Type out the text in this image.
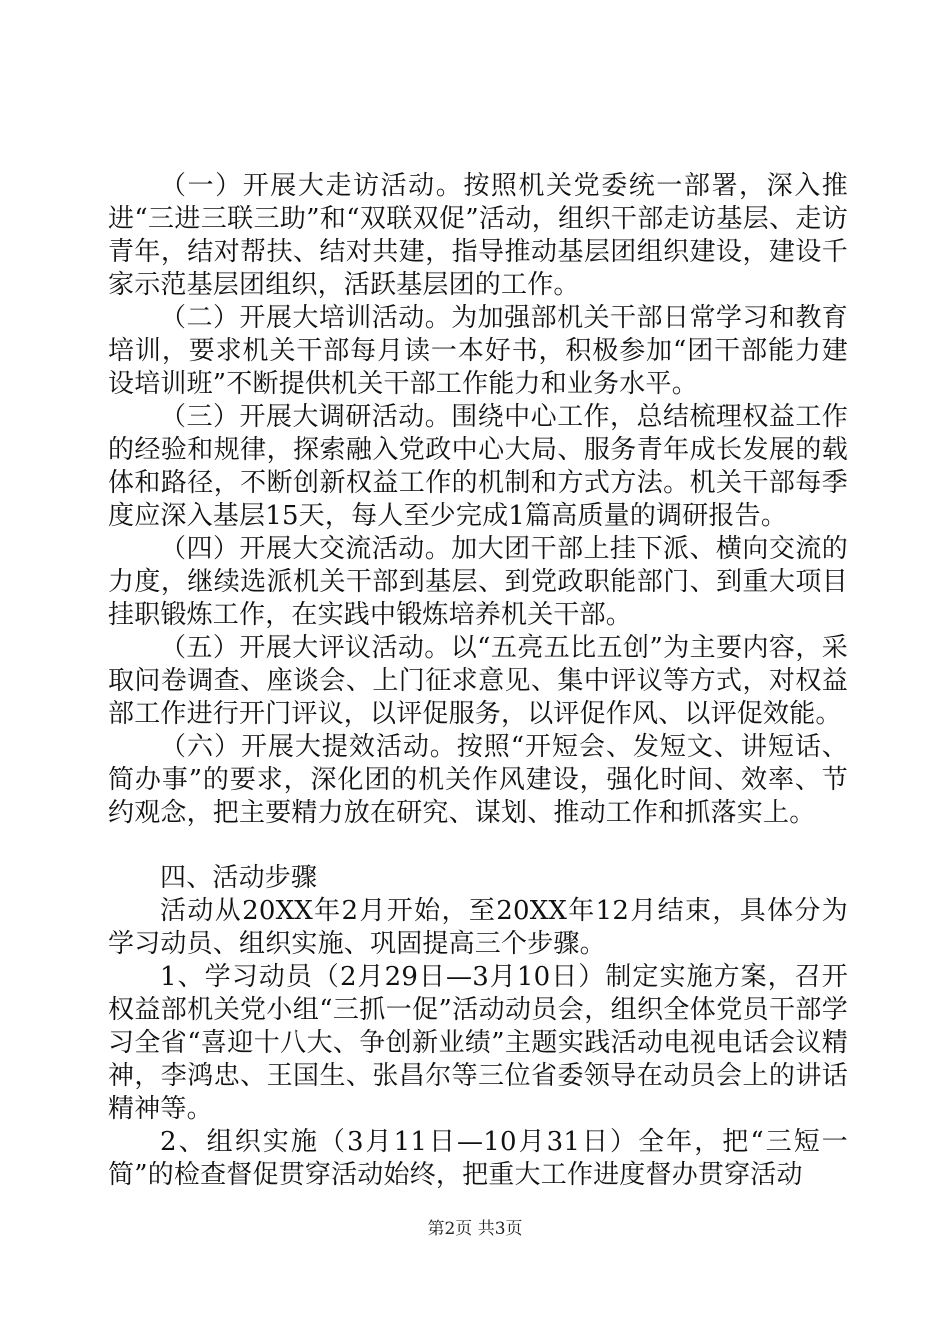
（一）开展大走访活动。按照机关党委统一部署，深入推进“三进三联三助”和“双联双促”活动，组织干部走访基层、走访青年，结对帮扶、结对共建，指导推动基层团组织建设，建设千家示范基层团组织，活跃基层团的工作。

（二）开展大培训活动。为加强部机关干部日常学习和教育培训，要求机关干部每月读一本好书，积极参加“团干部能力建设培训班”不断提供机关干部工作能力和业务水平。

（三）开展大调研活动。围绕中心工作，总结梳理权益工作的经验和规律，探索融入党政中心大局、服务青年成长发展的载体和路径，不断创新权益工作的机制和方式方法。机关干部每季度应深入基层15天，每人至少完成1篇高质量的调研报告。

（四）开展大交流活动。加大团干部上挂下派、横向交流的力度，继续选派机关干部到基层、到党政职能部门、到重大项目挂职锻炼工作，在实践中锻炼培养机关干部。

（五）开展大评议活动。以“五亮五比五创”为主要内容，采取问卷调查、座谈会、上门征求意见、集中评议等方式，对权益部工作进行开门评议，以评促服务，以评促作风、以评促效能。

（六）开展大提效活动。按照“开短会、发短文、讲短话、简办事”的要求，深化团的机关作风建设，强化时间、效率、节约观念，把主要精力放在研究、谋划、推动工作和抓落实上。

四、活动步骤

活动从20XX年2月开始，至20XX年12月结束，具体分为学习动员、组织实施、巩固提高三个步骤。

1、学习动员（2月29日—3月10日）制定实施方案，召开权益部机关党小组“三抓一促”活动动员会，组织全体党员干部学习全省“喜迎十八大、争创新业绩”主题实践活动电视电话会议精神，李鸿忠、王国生、张昌尔等三位省委领导在动员会上的讲话精神等。

2、组织实施（3月11日—10月31日）全年，把“三短一简”的检查督促贯穿活动始终，把重大工作进度督办贯穿活动

第2页 共3页
